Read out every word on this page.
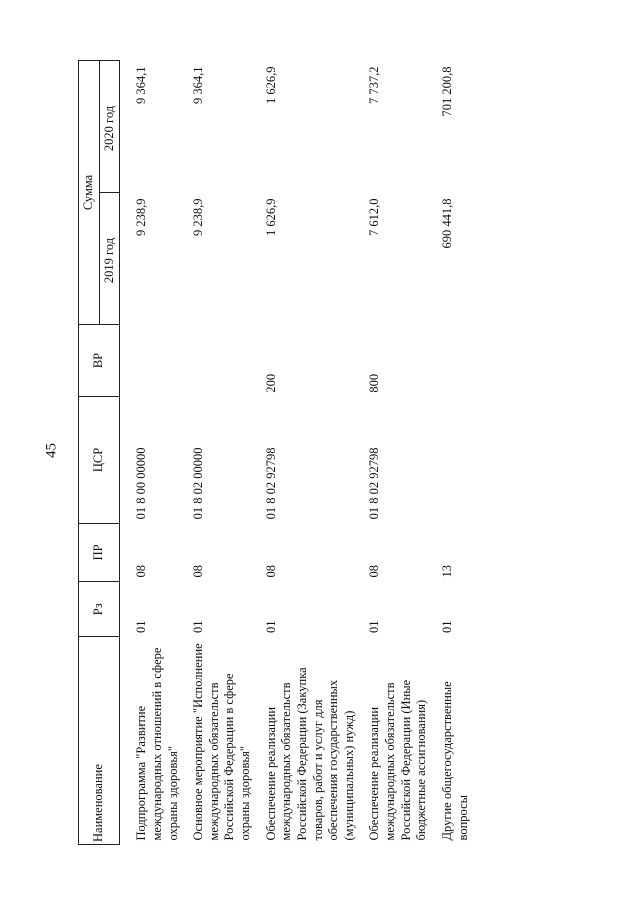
45
Наименование	Рз	ПР	ЦСР	ВР	Сумма	
					2019 год	2020 год
Подпрограмма "Развитие международных отношений в сфере охраны здоровья"	01	08	01 8 00 00000		9 238,9	9 364,1
Основное мероприятие "Исполнение международных обязательств Российской Федерации в сфере охраны здоровья"	01	08	01 8 02 00000		9 238,9	9 364,1
Обеспечение реализации международных обязательств Российской Федерации (Закупка товаров, работ и услуг для обеспечения государственных (муниципальных) нужд)	01	08	01 8 02 92798	200	1 626,9	1 626,9
Обеспечение реализации международных обязательств Российской Федерации (Иные бюджетные ассигнования)	01	08	01 8 02 92798	800	7 612,0	7 737,2
Другие общегосударственные вопросы	01	13			690 441,8	701 200,8
